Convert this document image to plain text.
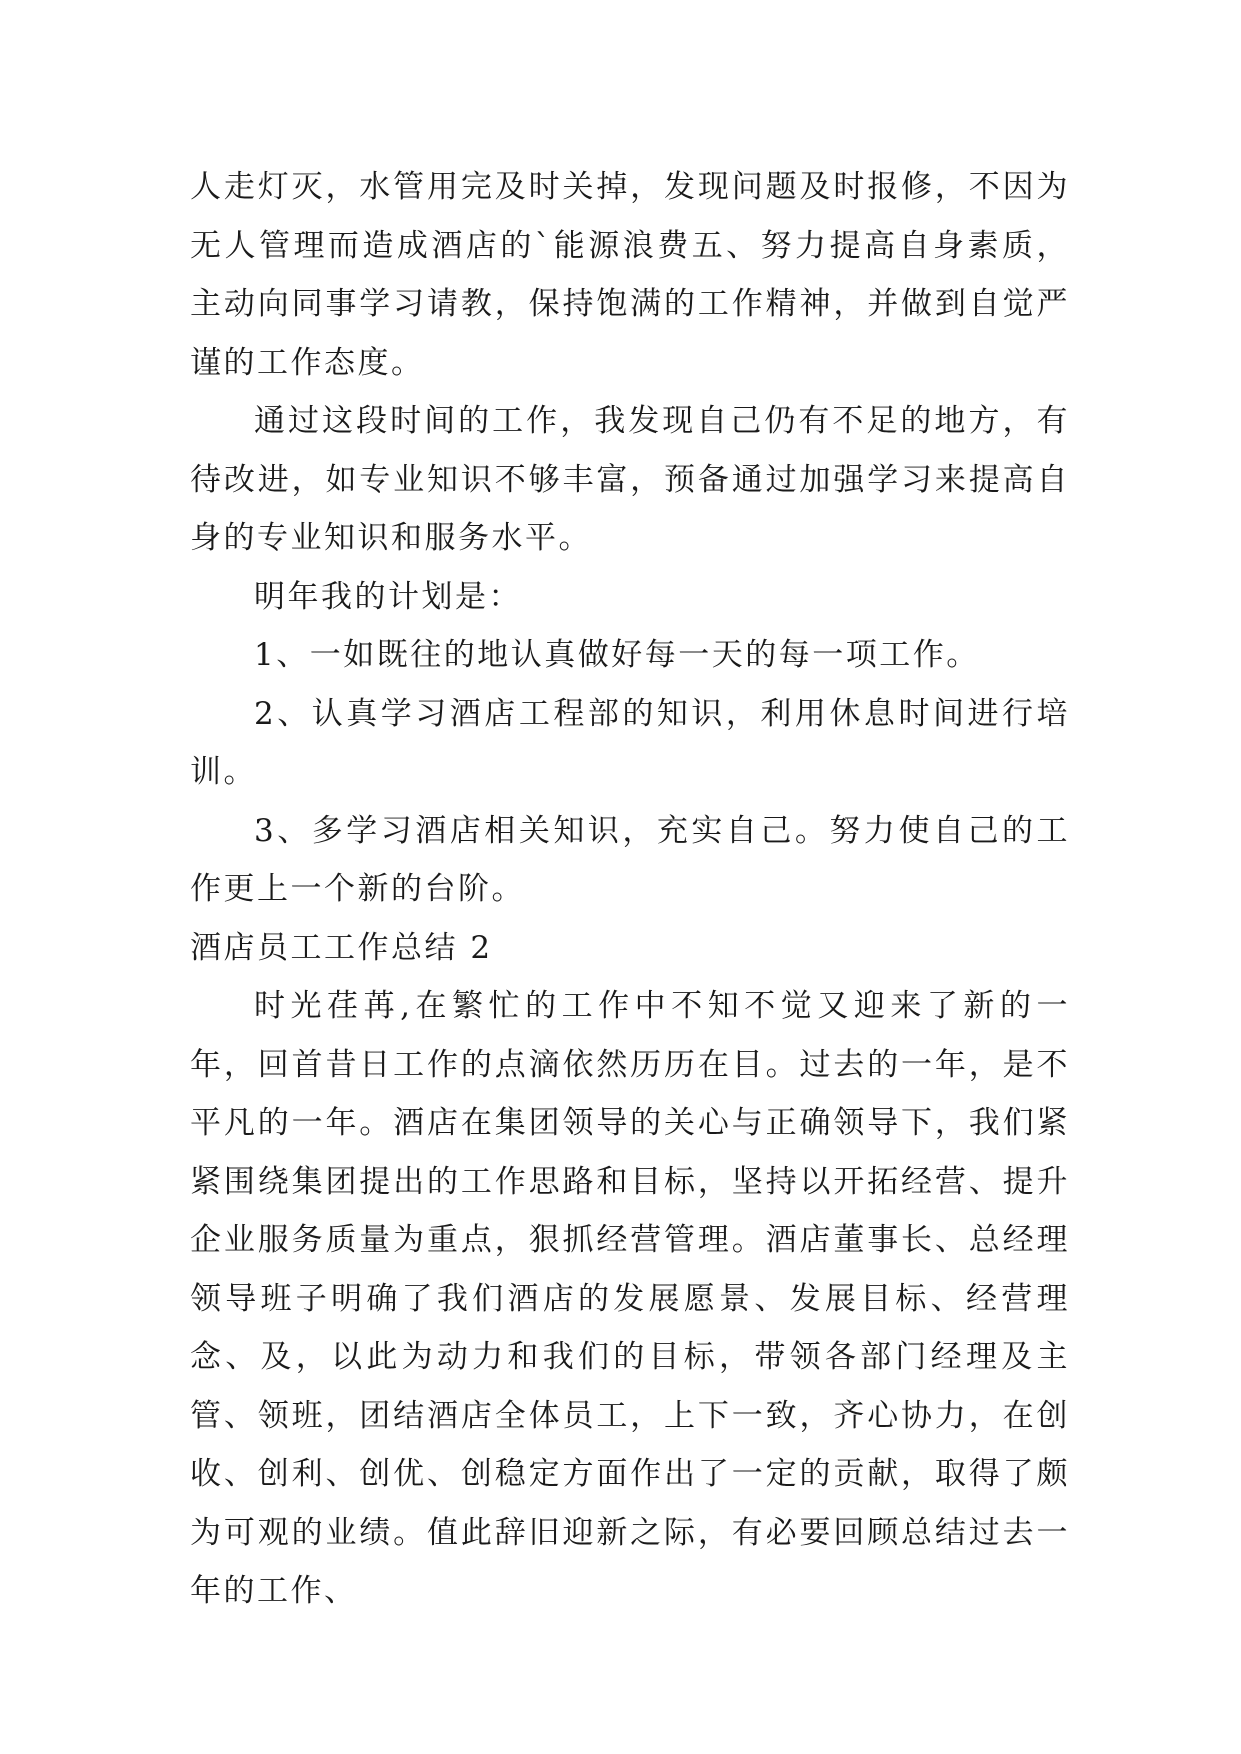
人走灯灭，水管用完及时关掉，发现问题及时报修，不因为无人管理而造成酒店的`能源浪费五、努力提高自身素质，主动向同事学习请教，保持饱满的工作精神，并做到自觉严谨的工作态度。

通过这段时间的工作，我发现自己仍有不足的地方，有待改进，如专业知识不够丰富，预备通过加强学习来提高自身的专业知识和服务水平。

明年我的计划是：

1、一如既往的地认真做好每一天的每一项工作。

2、认真学习酒店工程部的知识，利用休息时间进行培训。

3、多学习酒店相关知识，充实自己。努力使自己的工作更上一个新的台阶。

酒店员工工作总结 2

时光荏苒,在繁忙的工作中不知不觉又迎来了新的一年，回首昔日工作的点滴依然历历在目。过去的一年，是不平凡的一年。酒店在集团领导的关心与正确领导下，我们紧紧围绕集团提出的工作思路和目标，坚持以开拓经营、提升企业服务质量为重点，狠抓经营管理。酒店董事长、总经理领导班子明确了我们酒店的发展愿景、发展目标、经营理念、及，以此为动力和我们的目标，带领各部门经理及主管、领班，团结酒店全体员工，上下一致，齐心协力，在创收、创利、创优、创稳定方面作出了一定的贡献，取得了颇为可观的业绩。值此辞旧迎新之际，有必要回顾总结过去一年的工作、
